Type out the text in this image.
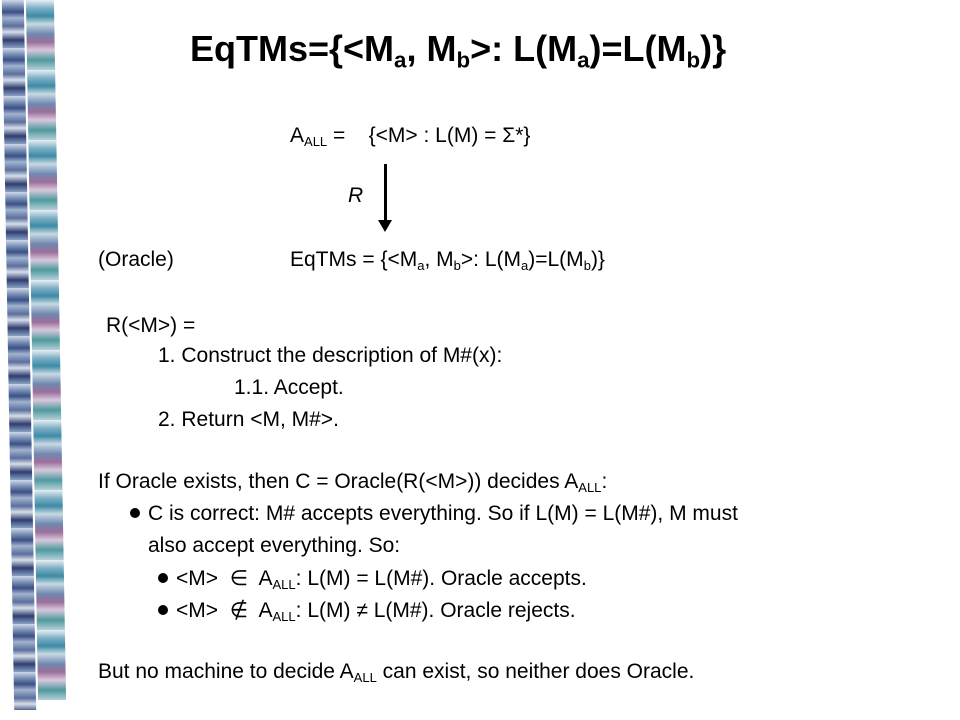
$EqTMs=\{<M_a$, $M_b>$: $L(M_a)=L(M_b)$}
$A_{ALL}$ =    {<M> : L(M) = Σ*}
R
(Oracle)	EqTMs = {$<M_a$, $M_b>$: $L(M_a)=L(M_b)$}
R(<M>) =
1. Construct the description of M#(x):
1.1. Accept.
2. Return <M, M#>.
If Oracle exists, then C = Oracle(R(<M>)) decides $A_{ALL}$:
C is correct: M# accepts everything. So if L(M) = L(M#), M must
also accept everything. So:
<M>  ∈  $A_{ALL}$: L(M) = L(M#). Oracle accepts.
<M>  ∉  $A_{ALL}$: L(M) ≠ L(M#). Oracle rejects.
But no machine to decide $A_{ALL}$ can exist, so neither does Oracle.
